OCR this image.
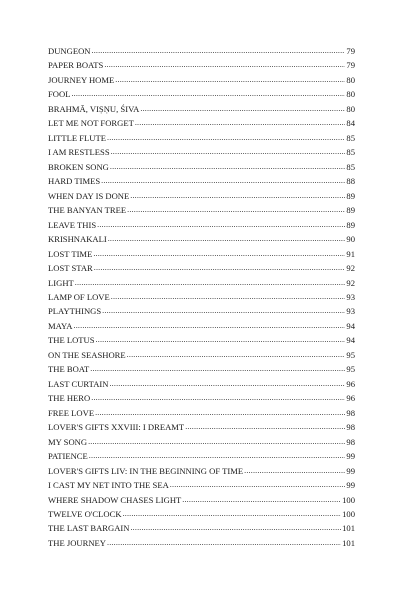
DUNGEON .....	79
PAPER BOATS .....	79
JOURNEY HOME .....	80
FOOL .....	80
BRAHMĀ, VIṢṆU, ŚIVA .....	80
LET ME NOT FORGET .....	84
LITTLE FLUTE .....	85
I AM RESTLESS .....	85
BROKEN SONG .....	85
HARD TIMES .....	88
WHEN DAY IS DONE .....	89
THE BANYAN TREE .....	89
LEAVE THIS .....	89
KRISHNAKALI .....	90
LOST TIME .....	91
LOST STAR .....	92
LIGHT .....	92
LAMP OF LOVE .....	93
PLAYTHINGS .....	93
MAYA .....	94
THE LOTUS .....	94
ON THE SEASHORE .....	95
THE BOAT .....	95
LAST CURTAIN .....	96
THE HERO .....	96
FREE LOVE .....	98
LOVER'S GIFTS XXVIII: I DREAMT .....	98
MY SONG .....	98
PATIENCE .....	99
LOVER'S GIFTS LIV: IN THE BEGINNING OF TIME .....	99
I CAST MY NET INTO THE SEA .....	99
WHERE SHADOW CHASES LIGHT .....	100
TWELVE O'CLOCK .....	100
THE LAST BARGAIN .....	101
THE JOURNEY .....	101
